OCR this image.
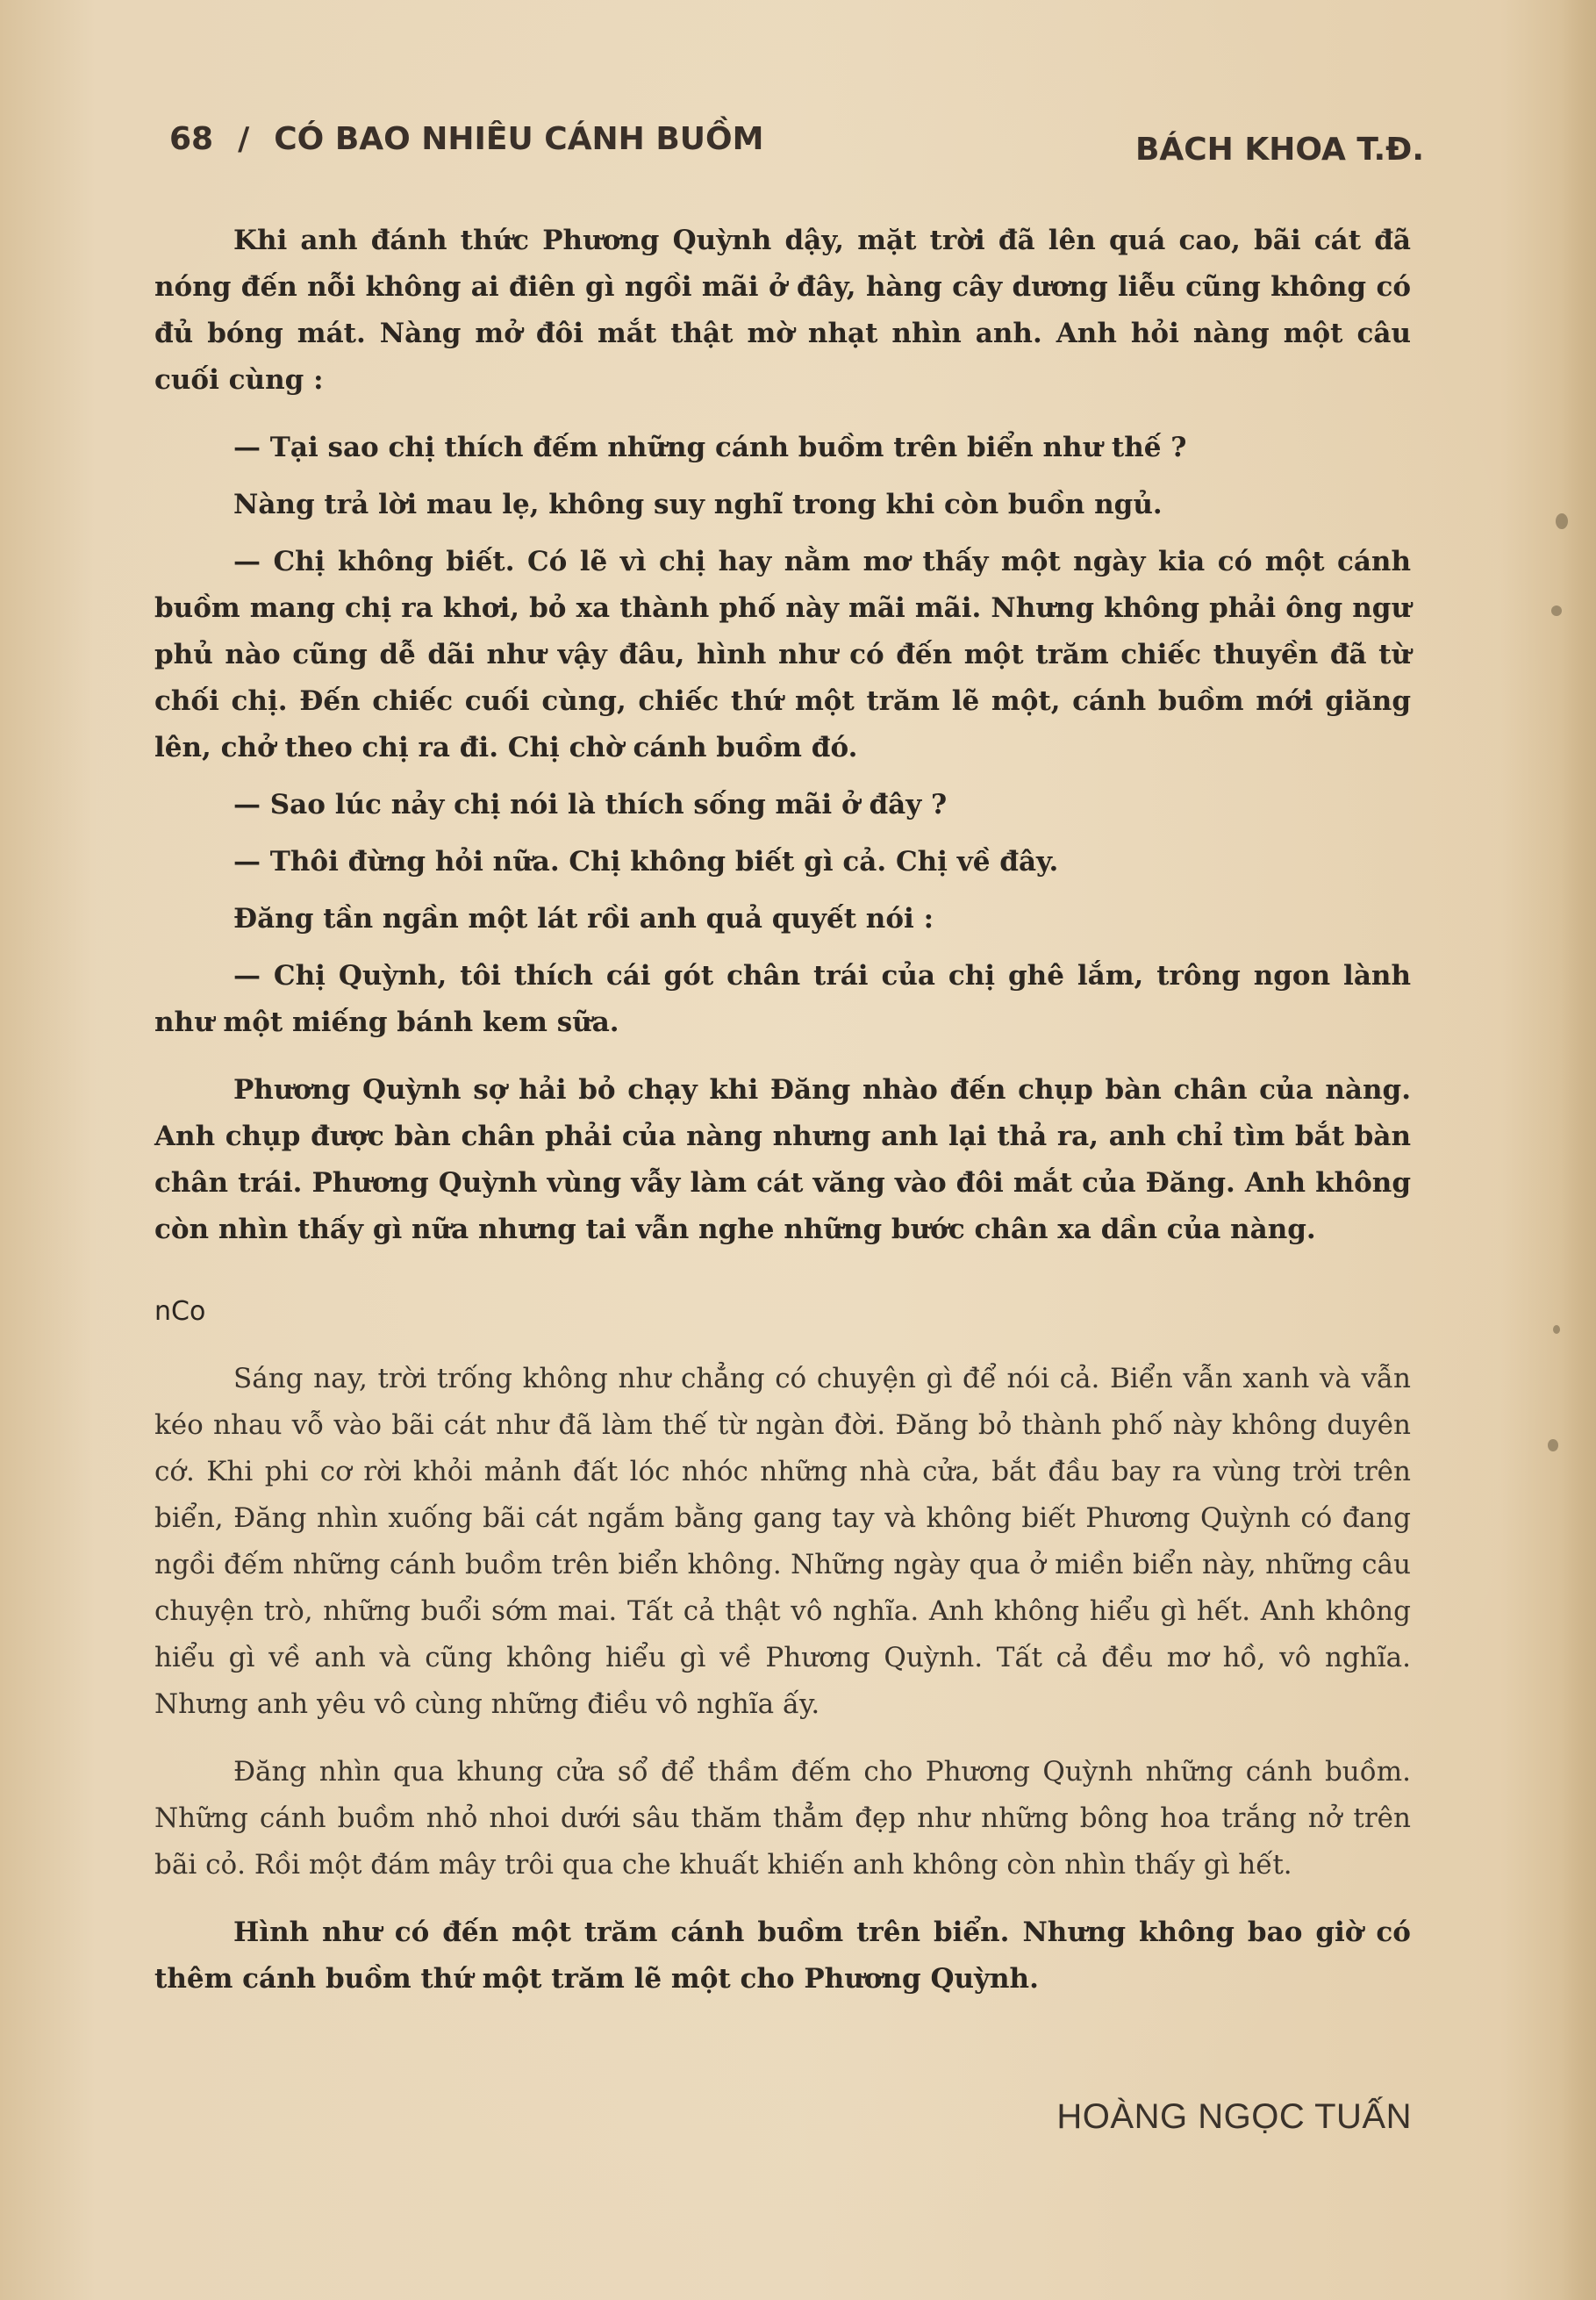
68 / CÓ BAO NHIÊU CÁNH BUỒM	BÁCH KHOA T.Đ.

Khi anh đánh thức Phương Quỳnh dậy, mặt trời đã lên quá cao, bãi cát đã nóng đến nỗi không ai điên gì ngồi mãi ở đây, hàng cây dương liễu cũng không có đủ bóng mát. Nàng mở đôi mắt thật mờ nhạt nhìn anh. Anh hỏi nàng một câu cuối cùng :

— Tại sao chị thích đếm những cánh buồm trên biển như thế ?

Nàng trả lời mau lẹ, không suy nghĩ trong khi còn buồn ngủ.

— Chị không biết. Có lẽ vì chị hay nằm mơ thấy một ngày kia có một cánh buồm mang chị ra khơi, bỏ xa thành phố này mãi mãi. Nhưng không phải ông ngư phủ nào cũng dễ dãi như vậy đâu, hình như có đến một trăm chiếc thuyền đã từ chối chị. Đến chiếc cuối cùng, chiếc thứ một trăm lẽ một, cánh buồm mới giăng lên, chở theo chị ra đi. Chị chờ cánh buồm đó.

— Sao lúc nảy chị nói là thích sống mãi ở đây ?

— Thôi đừng hỏi nữa. Chị không biết gì cả. Chị về đây.

Đăng tần ngần một lát rồi anh quả quyết nói :

— Chị Quỳnh, tôi thích cái gót chân trái của chị ghê lắm, trông ngon lành như một miếng bánh kem sữa.

Phương Quỳnh sợ hải bỏ chạy khi Đăng nhào đến chụp bàn chân của nàng. Anh chụp được bàn chân phải của nàng nhưng anh lại thả ra, anh chỉ tìm bắt bàn chân trái. Phương Quỳnh vùng vẫy làm cát văng vào đôi mắt của Đăng. Anh không còn nhìn thấy gì nữa nhưng tai vẫn nghe những bước chân xa dần của nàng.

nCo

Sáng nay, trời trống không như chẳng có chuyện gì để nói cả. Biển vẫn xanh và vẫn kéo nhau vỗ vào bãi cát như đã làm thế từ ngàn đời. Đăng bỏ thành phố này không duyên cớ. Khi phi cơ rời khỏi mảnh đất lóc nhóc những nhà cửa, bắt đầu bay ra vùng trời trên biển, Đăng nhìn xuống bãi cát ngắm bằng gang tay và không biết Phương Quỳnh có đang ngồi đếm những cánh buồm trên biển không. Những ngày qua ở miền biển này, những câu chuyện trò, những buổi sớm mai. Tất cả thật vô nghĩa. Anh không hiểu gì hết. Anh không hiểu gì về anh và cũng không hiểu gì về Phương Quỳnh. Tất cả đều mơ hồ, vô nghĩa. Nhưng anh yêu vô cùng những điều vô nghĩa ấy.

Đăng nhìn qua khung cửa sổ để thầm đếm cho Phương Quỳnh những cánh buồm. Những cánh buồm nhỏ nhoi dưới sâu thăm thẳm đẹp như những bông hoa trắng nở trên bãi cỏ. Rồi một đám mây trôi qua che khuất khiến anh không còn nhìn thấy gì hết.

Hình như có đến một trăm cánh buồm trên biển. Nhưng không bao giờ có thêm cánh buồm thứ một trăm lẽ một cho Phương Quỳnh.

HOÀNG NGỌC TUẤN
